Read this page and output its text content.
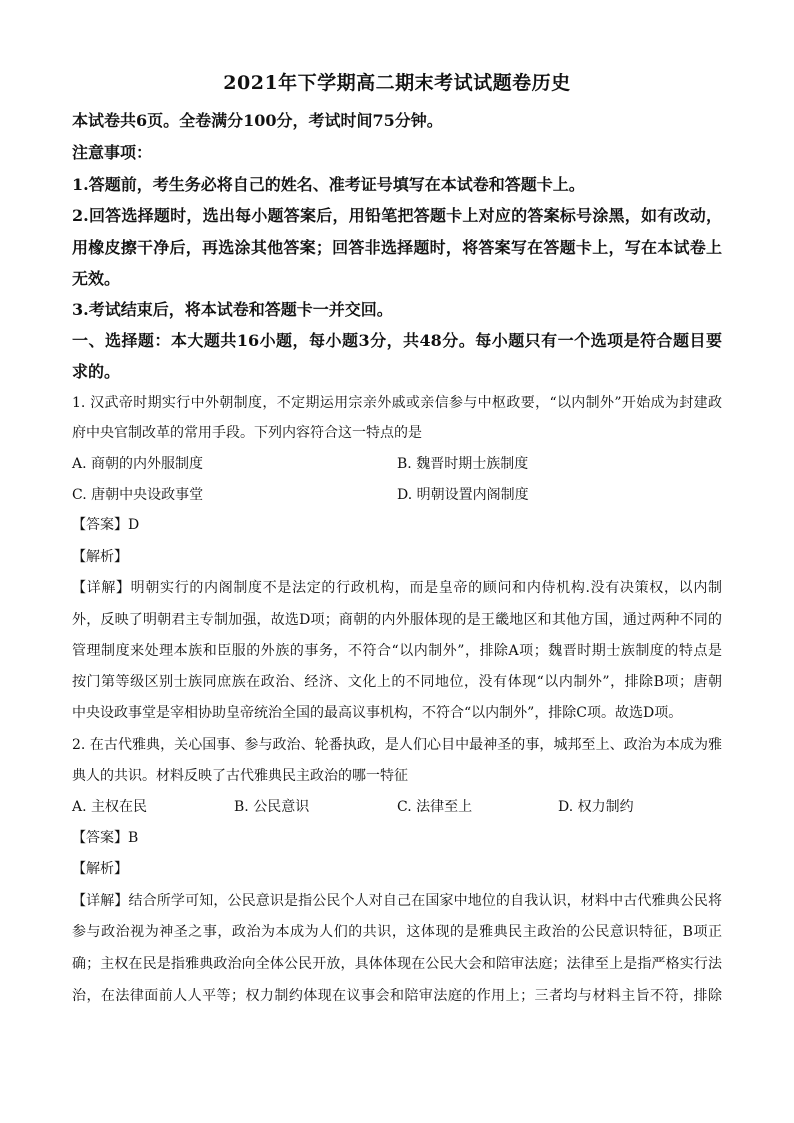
2021年下学期高二期末考试试题卷历史
本试卷共6页。全卷满分100分，考试时间75分钟。
注意事项：
1.答题前，考生务必将自己的姓名、准考证号填写在本试卷和答题卡上。
2.回答选择题时，选出每小题答案后，用铅笔把答题卡上对应的答案标号涂黑，如有改动，
用橡皮擦干净后，再选涂其他答案；回答非选择题时，将答案写在答题卡上，写在本试卷上
无效。
3.考试结束后，将本试卷和答题卡一并交回。
一、选择题：本大题共16小题，每小题3分，共48分。每小题只有一个选项是符合题目要
求的。
1. 汉武帝时期实行中外朝制度，不定期运用宗亲外戚或亲信参与中枢政要，“以内制外”开始成为封建政
府中央官制改革的常用手段。下列内容符合这一特点的是
A. 商朝的内外服制度	B. 魏晋时期士族制度
C. 唐朝中央设政事堂	D. 明朝设置内阁制度
【答案】D
【解析】
【详解】明朝实行的内阁制度不是法定的行政机构，而是皇帝的顾问和内侍机构.没有决策权，以内制
外，反映了明朝君主专制加强，故选D项；商朝的内外服体现的是王畿地区和其他方国，通过两种不同的
管理制度来处理本族和臣服的外族的事务，不符合“以内制外”，排除A项；魏晋时期士族制度的特点是
按门第等级区别士族同庶族在政治、经济、文化上的不同地位，没有体现“以内制外”，排除B项；唐朝
中央设政事堂是宰相协助皇帝统治全国的最高议事机构，不符合“以内制外”，排除C项。故选D项。
2. 在古代雅典，关心国事、参与政治、轮番执政，是人们心目中最神圣的事，城邦至上、政治为本成为雅
典人的共识。材料反映了古代雅典民主政治的哪一特征
A. 主权在民	B. 公民意识	C. 法律至上	D. 权力制约
【答案】B
【解析】
【详解】结合所学可知，公民意识是指公民个人对自己在国家中地位的自我认识，材料中古代雅典公民将
参与政治视为神圣之事，政治为本成为人们的共识，这体现的是雅典民主政治的公民意识特征，B项正
确；主权在民是指雅典政治向全体公民开放，具体体现在公民大会和陪审法庭；法律至上是指严格实行法
治，在法律面前人人平等；权力制约体现在议事会和陪审法庭的作用上；三者均与材料主旨不符，排除
